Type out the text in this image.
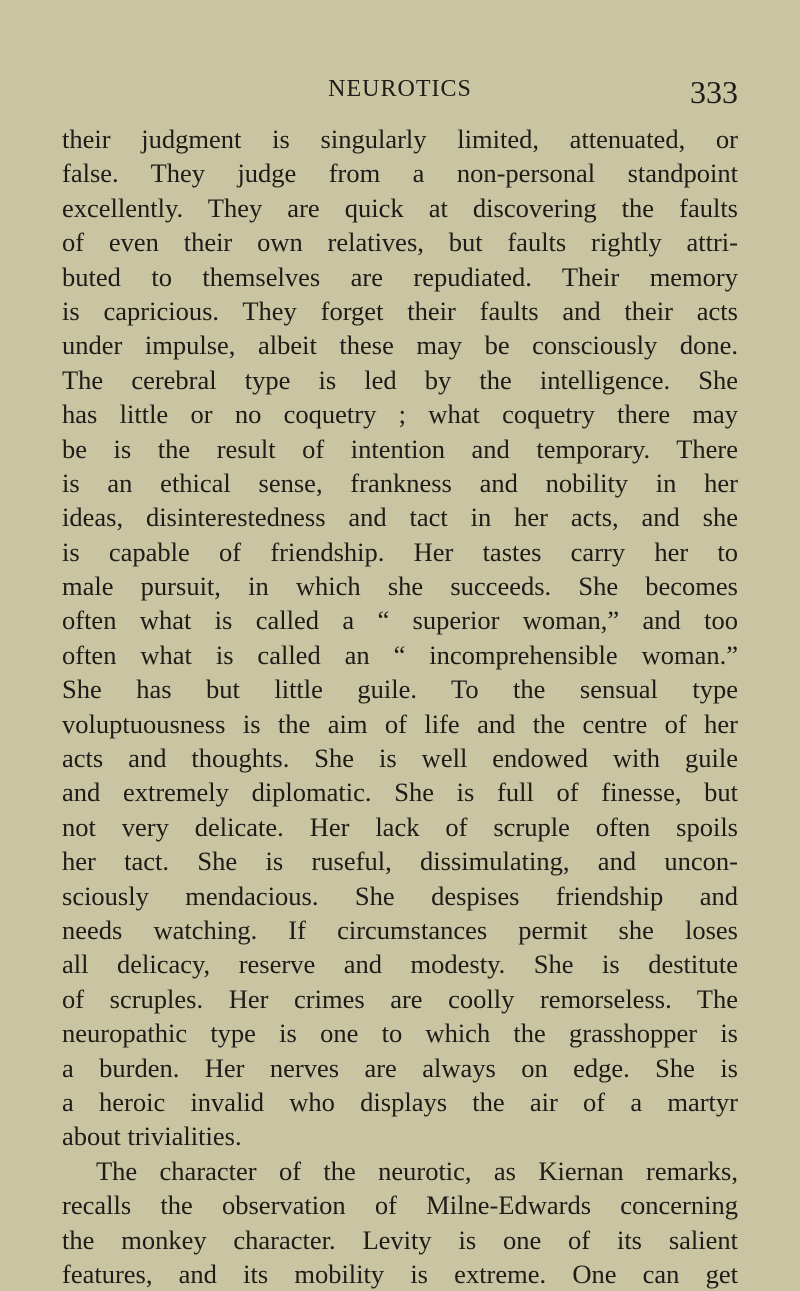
NEUROTICS	333
their judgment is singularly limited, attenuated, or
false. They judge from a non-personal standpoint
excellently. They are quick at discovering the faults
of even their own relatives, but faults rightly attri-
buted to themselves are repudiated. Their memory
is capricious. They forget their faults and their acts
under impulse, albeit these may be consciously done.
The cerebral type is led by the intelligence. She
has little or no coquetry ; what coquetry there may
be is the result of intention and temporary. There
is an ethical sense, frankness and nobility in her
ideas, disinterestedness and tact in her acts, and she
is capable of friendship. Her tastes carry her to
male pursuit, in which she succeeds. She becomes
often what is called a “ superior woman,” and too
often what is called an “ incomprehensible woman.”
She has but little guile. To the sensual type
voluptuousness is the aim of life and the centre of her
acts and thoughts. She is well endowed with guile
and extremely diplomatic. She is full of finesse, but
not very delicate. Her lack of scruple often spoils
her tact. She is ruseful, dissimulating, and uncon-
sciously mendacious. She despises friendship and
needs watching. If circumstances permit she loses
all delicacy, reserve and modesty. She is destitute
of scruples. Her crimes are coolly remorseless. The
neuropathic type is one to which the grasshopper is
a burden. Her nerves are always on edge. She is
a heroic invalid who displays the air of a martyr
about trivialities.
The character of the neurotic, as Kiernan remarks,
recalls the observation of Milne-Edwards concerning
the monkey character. Levity is one of its salient
features, and its mobility is extreme. One can get
